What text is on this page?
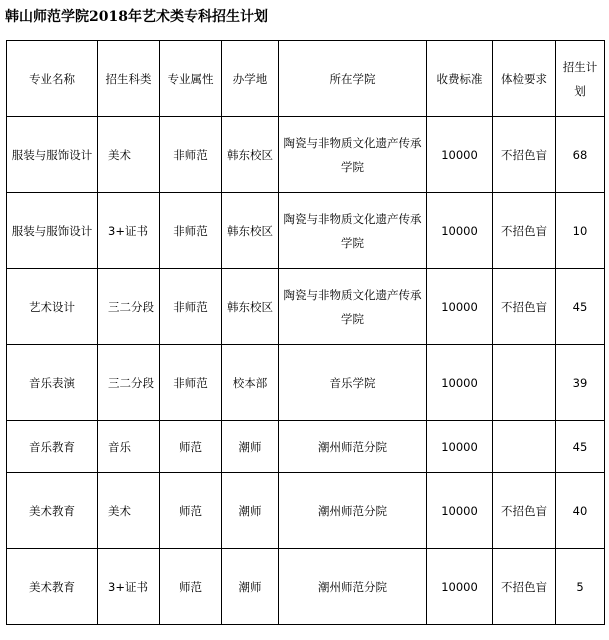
韩山师范学院2018年艺术类专科招生计划
专业名称	招生科类	专业属性	办学地	所在学院	收费标准	体检要求	招生计划
服装与服饰设计	美术	非师范	韩东校区	陶瓷与非物质文化遗产传承学院	10000	不招色盲	68
服装与服饰设计	3+证书	非师范	韩东校区	陶瓷与非物质文化遗产传承学院	10000	不招色盲	10
艺术设计	三二分段	非师范	韩东校区	陶瓷与非物质文化遗产传承学院	10000	不招色盲	45
音乐表演	三二分段	非师范	校本部	音乐学院	10000		39
音乐教育	音乐	师范	潮师	潮州师范分院	10000		45
美术教育	美术	师范	潮师	潮州师范分院	10000	不招色盲	40
美术教育	3+证书	师范	潮师	潮州师范分院	10000	不招色盲	5
